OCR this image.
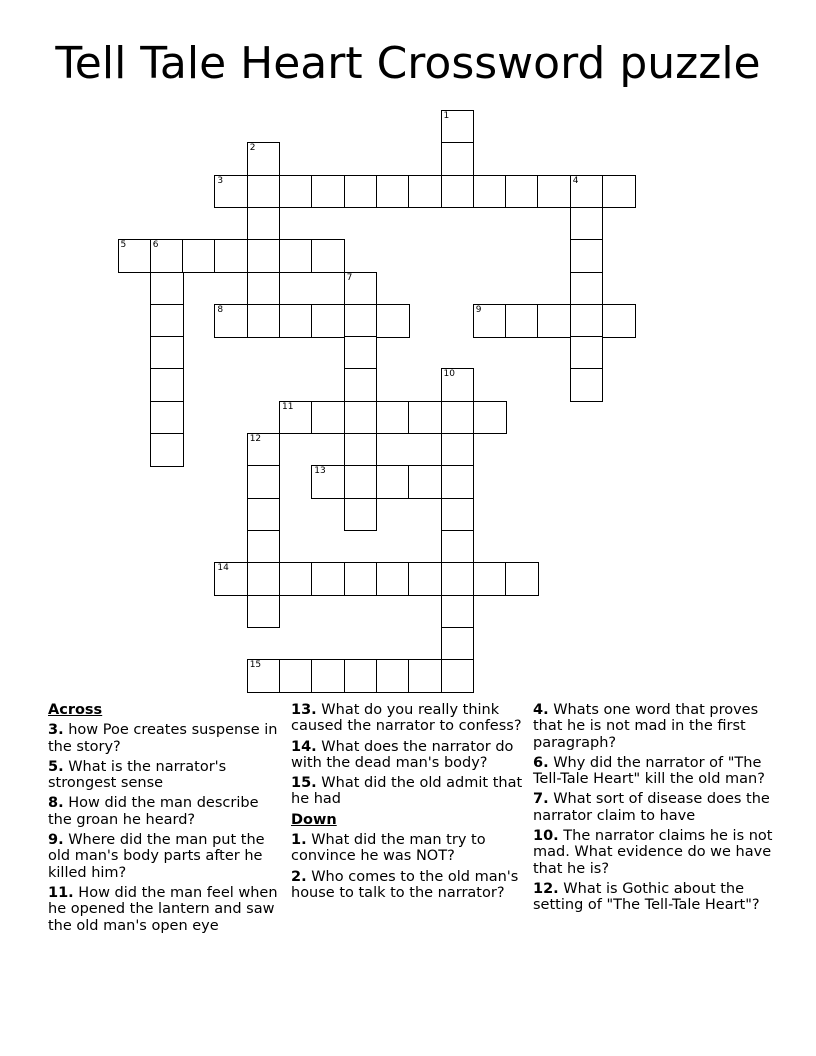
Tell Tale Heart Crossword puzzle
1
2
3	4
5	6
7
8	9
10
11
12
13
14
15

Across

3. how Poe creates suspense in the story?

5. What is the narrator's strongest sense

8. How did the man describe the groan he heard?

9. Where did the man put the old man's body parts after he killed him?

11. How did the man feel when he opened the lantern and saw the old man's open eye

13. What do you really think caused the narrator to confess?

14. What does the narrator do with the dead man's body?

15. What did the old admit that he had

Down

1. What did the man try to convince he was NOT?

2. Who comes to the old man's house to talk to the narrator?

4. Whats one word that proves that he is not mad in the first paragraph?

6. Why did the narrator of "The Tell-Tale Heart" kill the old man?

7. What sort of disease does the narrator claim to have

10. The narrator claims he is not mad. What evidence do we have that he is?

12. What is Gothic about the setting of "The Tell-Tale Heart"?
